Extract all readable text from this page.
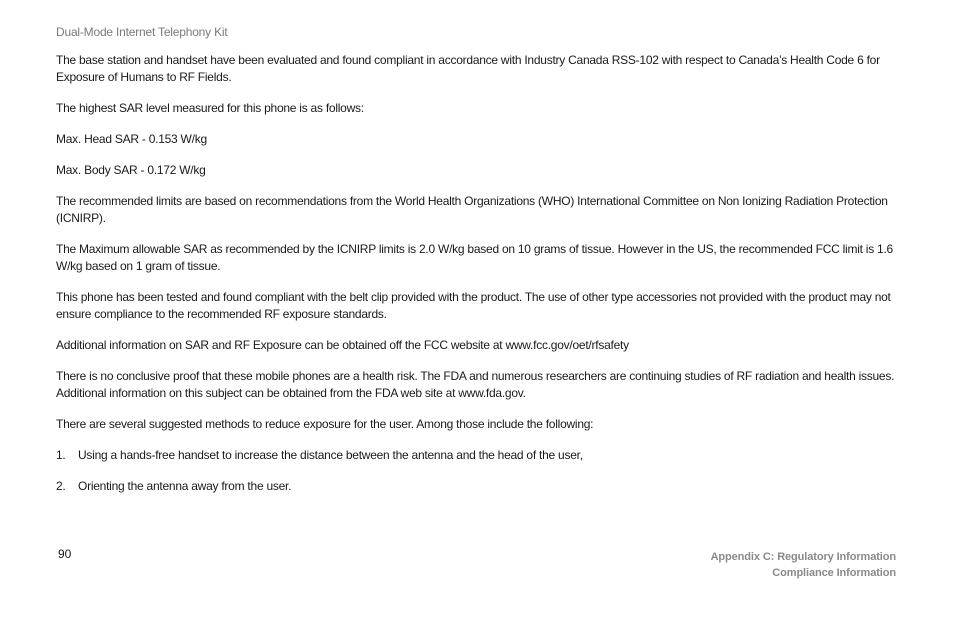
Dual-Mode Internet Telephony Kit

The base station and handset have been evaluated and found compliant in accordance with Industry Canada RSS-102 with respect to Canada’s Health Code 6 for Exposure of Humans to RF Fields.

The highest SAR level measured for this phone is as follows:

Max. Head SAR - 0.153 W/kg

Max. Body SAR - 0.172 W/kg

The recommended limits are based on recommendations from the World Health Organizations (WHO) International Committee on Non Ionizing Radiation Protection (ICNIRP).

The Maximum allowable SAR as recommended by the ICNIRP limits is 2.0 W/kg based on 10 grams of tissue. However in the US, the recommended FCC limit is 1.6 W/kg based on 1 gram of tissue.

This phone has been tested and found compliant with the belt clip provided with the product. The use of other type accessories not provided with the product may not ensure compliance to the recommended RF exposure standards.

Additional information on SAR and RF Exposure can be obtained off the FCC website at www.fcc.gov/oet/rfsafety

There is no conclusive proof that these mobile phones are a health risk. The FDA and numerous researchers are continuing studies of RF radiation and health issues. Additional information on this subject can be obtained from the FDA web site at www.fda.gov.

There are several suggested methods to reduce exposure for the user. Among those include the following:

1.	Using a hands-free handset to increase the distance between the antenna and the head of the user,
2.	Orienting the antenna away from the user.
90	Appendix C: Regulatory Information
Compliance Information
